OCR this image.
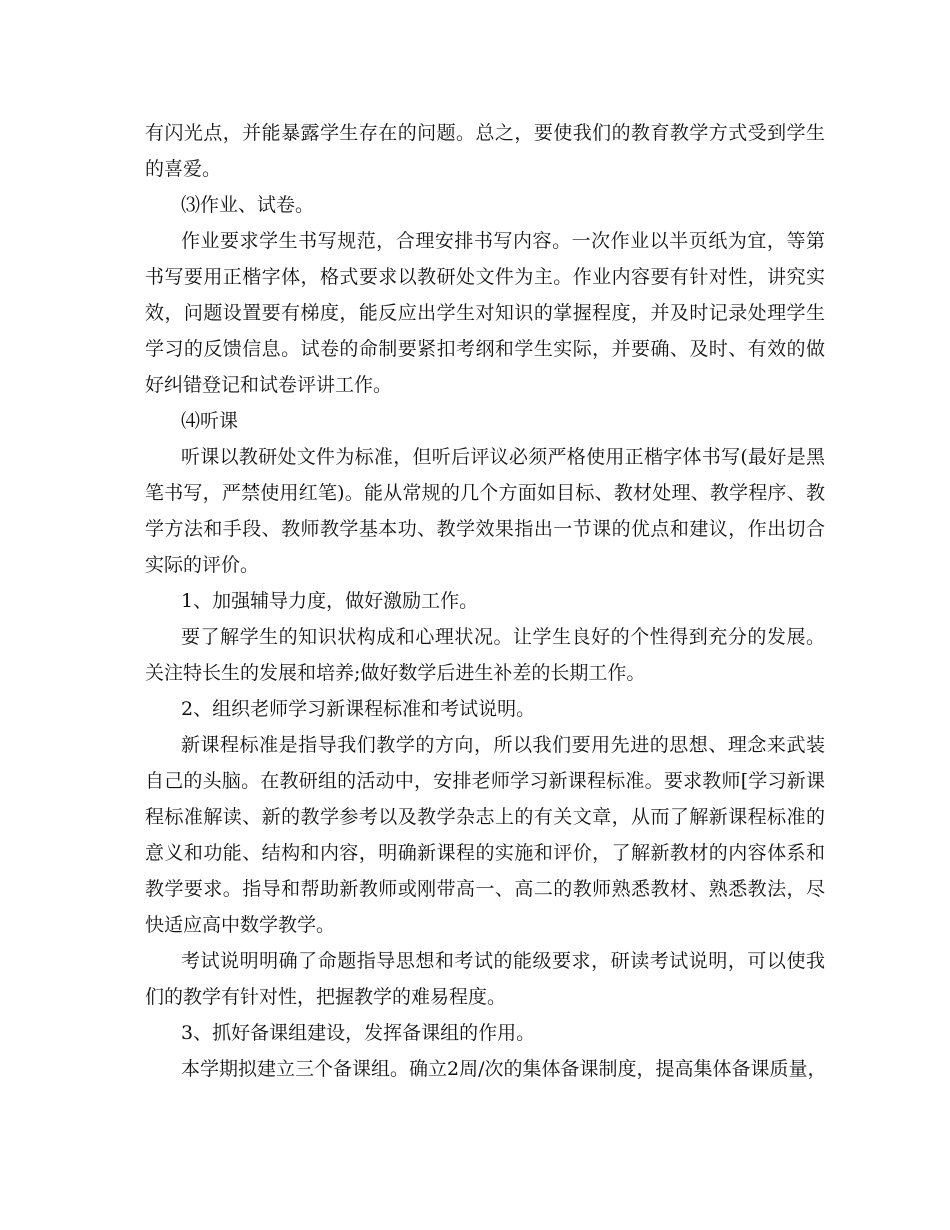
有闪光点，并能暴露学生存在的问题。总之，要使我们的教育教学方式受到学生
的喜爱。
⑶作业、试卷。
作业要求学生书写规范，合理安排书写内容。一次作业以半页纸为宜，等第
书写要用正楷字体，格式要求以教研处文件为主。作业内容要有针对性，讲究实
效，问题设置要有梯度，能反应出学生对知识的掌握程度，并及时记录处理学生
学习的反馈信息。试卷的命制要紧扣考纲和学生实际，并要确、及时、有效的做
好纠错登记和试卷评讲工作。
⑷听课
听课以教研处文件为标准，但听后评议必须严格使用正楷字体书写(最好是黑
笔书写，严禁使用红笔)。能从常规的几个方面如目标、教材处理、教学程序、教
学方法和手段、教师教学基本功、教学效果指出一节课的优点和建议，作出切合
实际的评价。
1、加强辅导力度，做好激励工作。
要了解学生的知识状构成和心理状况。让学生良好的个性得到充分的发展。
关注特长生的发展和培养;做好数学后进生补差的长期工作。
2、组织老师学习新课程标准和考试说明。
新课程标准是指导我们教学的方向，所以我们要用先进的思想、理念来武装
自己的头脑。在教研组的活动中，安排老师学习新课程标准。要求教师[学习新课
程标准解读、新的教学参考以及教学杂志上的有关文章，从而了解新课程标准的
意义和功能、结构和内容，明确新课程的实施和评价，了解新教材的内容体系和
教学要求。指导和帮助新教师或刚带高一、高二的教师熟悉教材、熟悉教法，尽
快适应高中数学教学。
考试说明明确了命题指导思想和考试的能级要求，研读考试说明，可以使我
们的教学有针对性，把握教学的难易程度。
3、抓好备课组建设，发挥备课组的作用。
本学期拟建立三个备课组。确立2周/次的集体备课制度，提高集体备课质量，
